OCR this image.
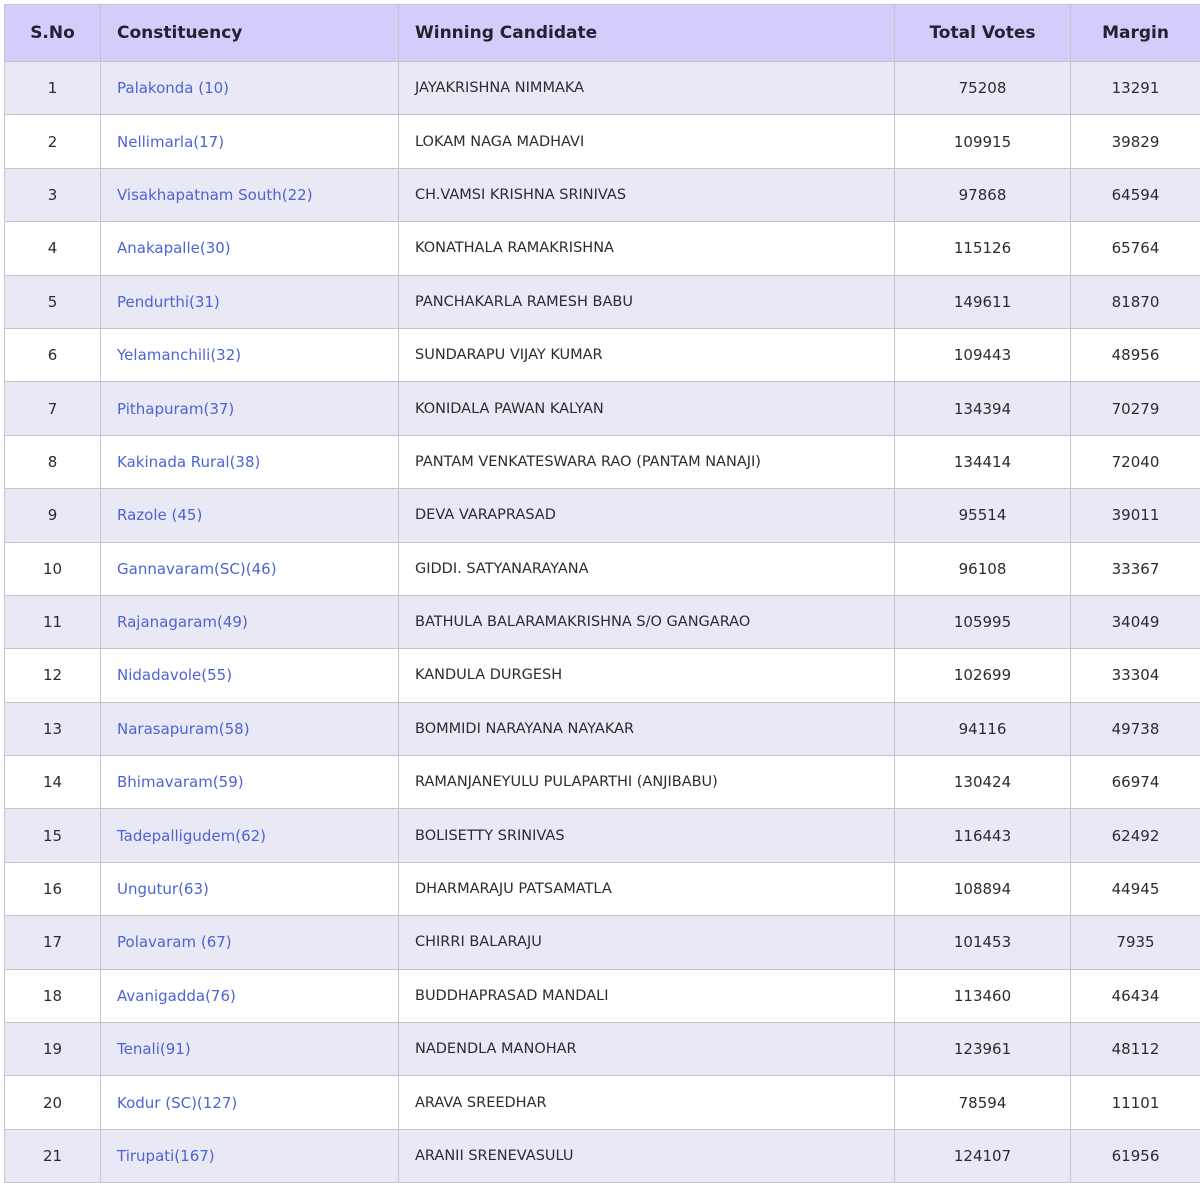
S.No	Constituency	Winning Candidate	Total Votes	Margin
1	Palakonda (10)	JAYAKRISHNA NIMMAKA	75208	13291
2	Nellimarla(17)	LOKAM NAGA MADHAVI	109915	39829
3	Visakhapatnam South(22)	CH.VAMSI KRISHNA SRINIVAS	97868	64594
4	Anakapalle(30)	KONATHALA RAMAKRISHNA	115126	65764
5	Pendurthi(31)	PANCHAKARLA RAMESH BABU	149611	81870
6	Yelamanchili(32)	SUNDARAPU VIJAY KUMAR	109443	48956
7	Pithapuram(37)	KONIDALA PAWAN KALYAN	134394	70279
8	Kakinada Rural(38)	PANTAM VENKATESWARA RAO (PANTAM NANAJI)	134414	72040
9	Razole (45)	DEVA VARAPRASAD	95514	39011
10	Gannavaram(SC)(46)	GIDDI. SATYANARAYANA	96108	33367
11	Rajanagaram(49)	BATHULA BALARAMAKRISHNA S/O GANGARAO	105995	34049
12	Nidadavole(55)	KANDULA DURGESH	102699	33304
13	Narasapuram(58)	BOMMIDI NARAYANA NAYAKAR	94116	49738
14	Bhimavaram(59)	RAMANJANEYULU PULAPARTHI (ANJIBABU)	130424	66974
15	Tadepalligudem(62)	BOLISETTY SRINIVAS	116443	62492
16	Ungutur(63)	DHARMARAJU PATSAMATLA	108894	44945
17	Polavaram (67)	CHIRRI BALARAJU	101453	7935
18	Avanigadda(76)	BUDDHAPRASAD MANDALI	113460	46434
19	Tenali(91)	NADENDLA MANOHAR	123961	48112
20	Kodur (SC)(127)	ARAVA SREEDHAR	78594	11101
21	Tirupati(167)	ARANII SRENEVASULU	124107	61956
